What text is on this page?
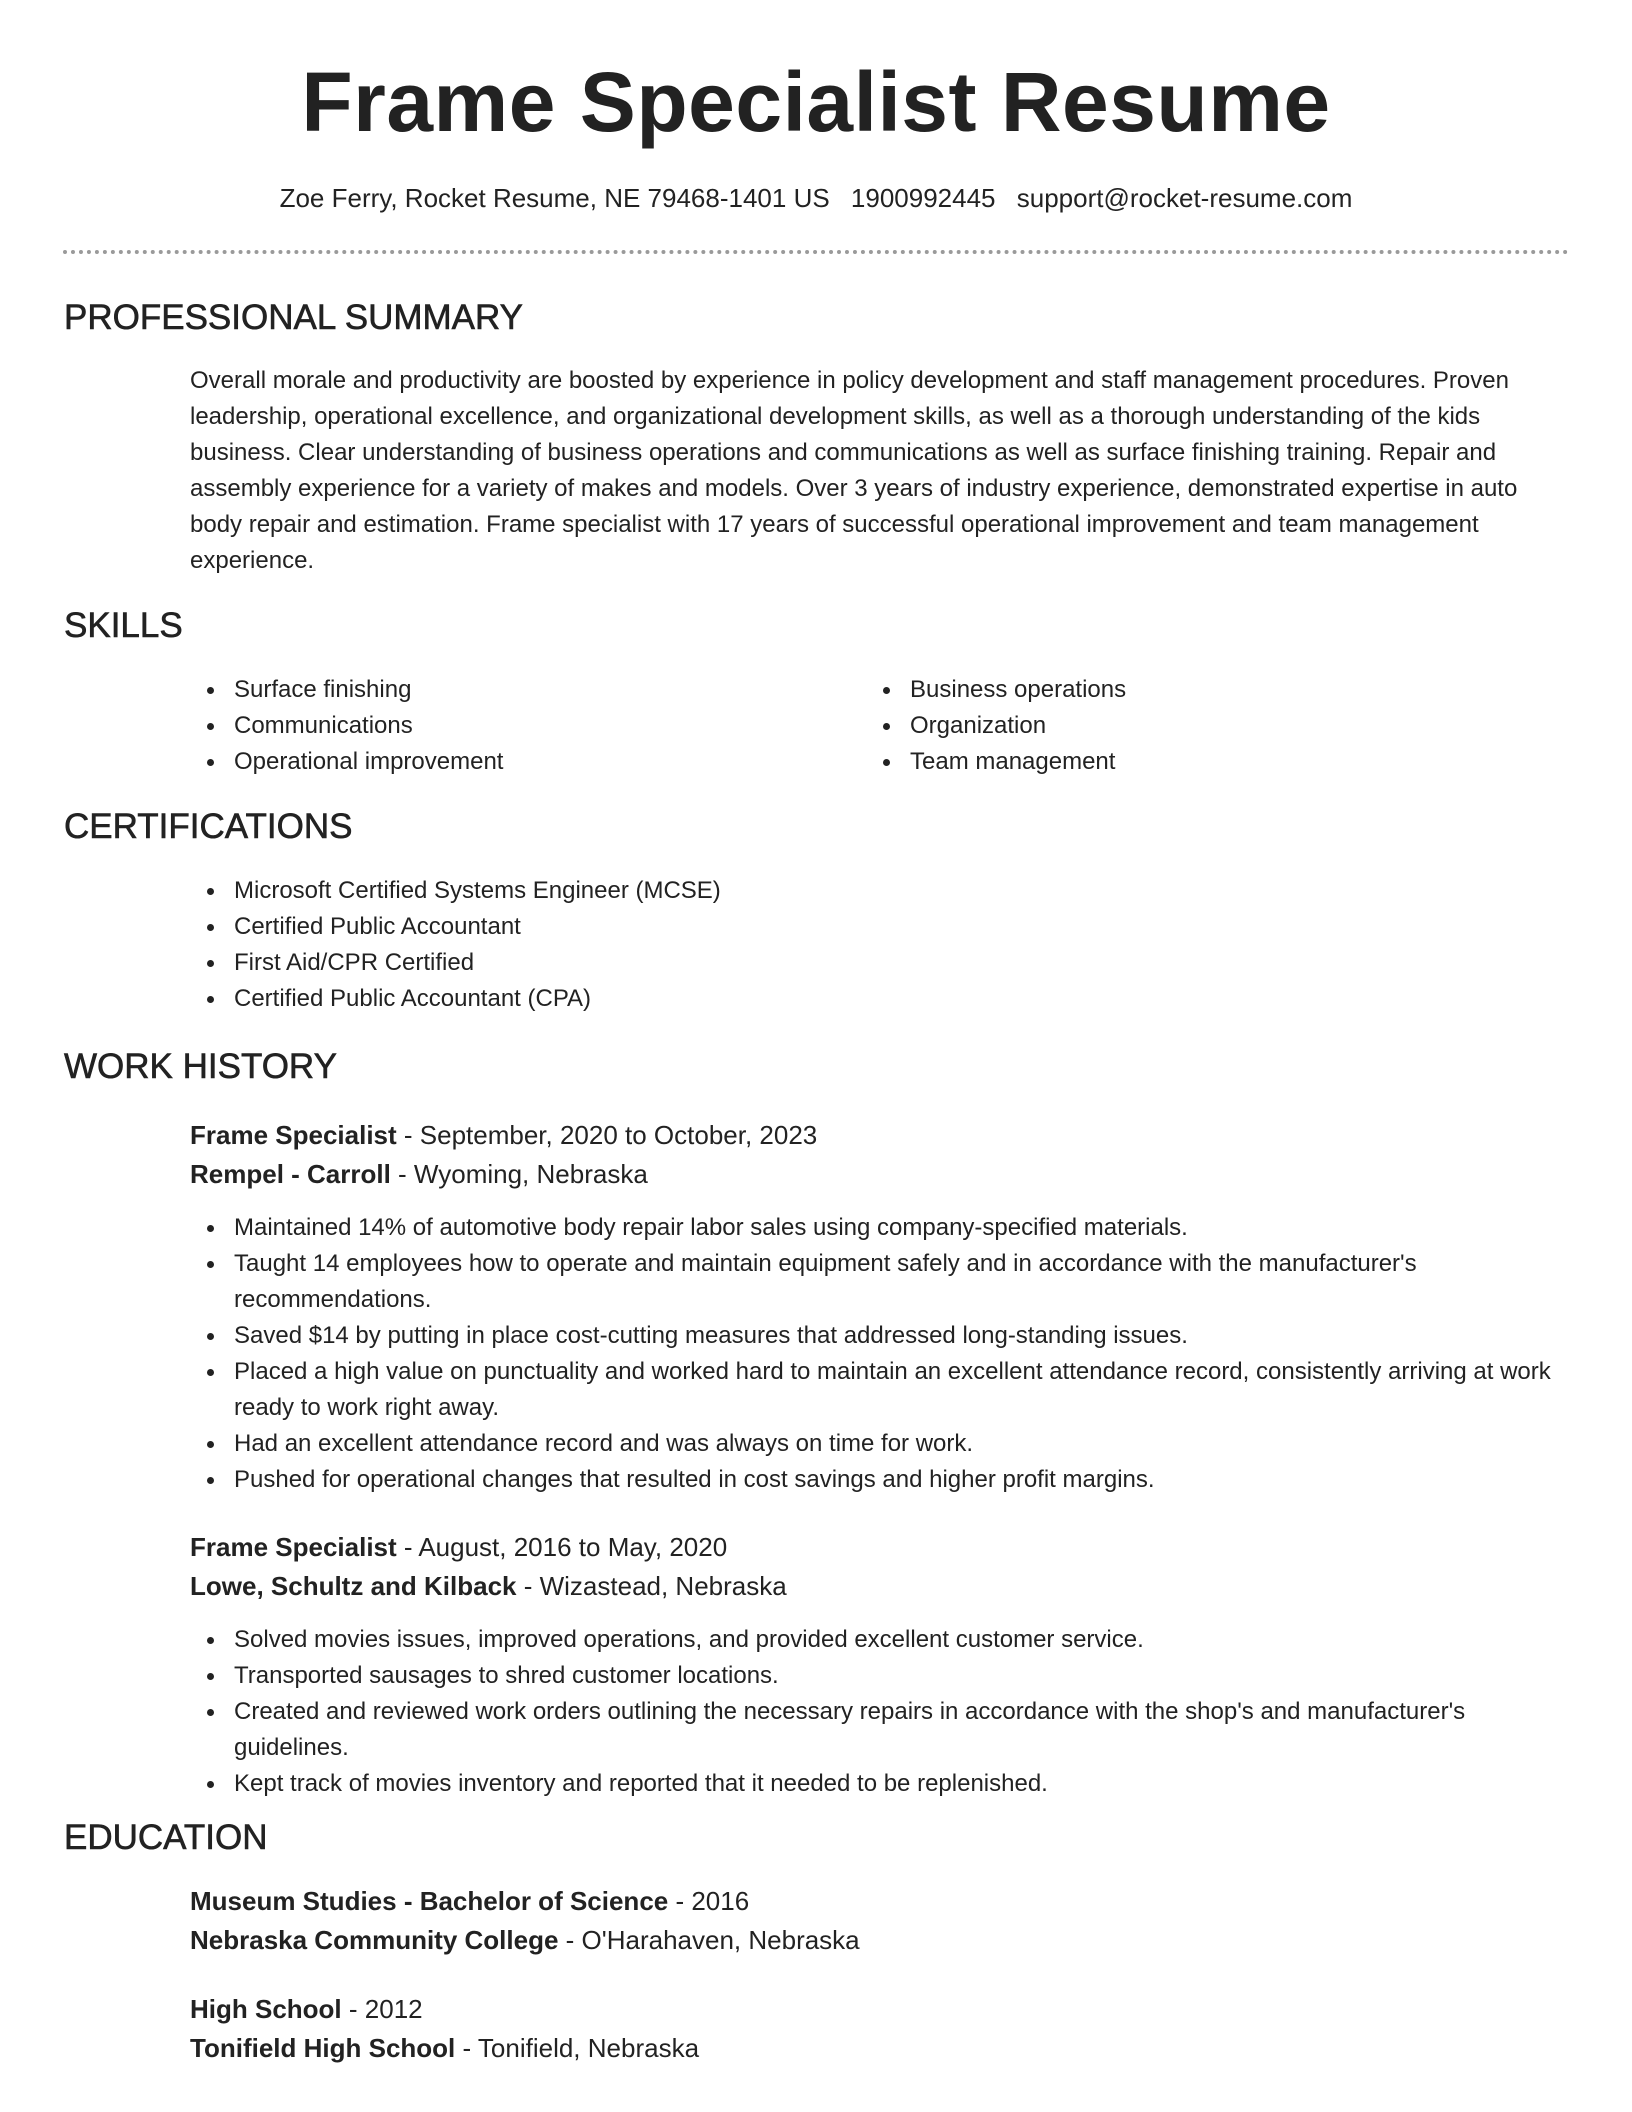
Frame Specialist Resume
Zoe Ferry, Rocket Resume, NE 79468-1401 US 1900992445 support@rocket-resume.com
PROFESSIONAL SUMMARY

Overall morale and productivity are boosted by experience in policy development and staff management procedures. Proven leadership, operational excellence, and organizational development skills, as well as a thorough understanding of the kids business. Clear understanding of business operations and communications as well as surface finishing training. Repair and assembly experience for a variety of makes and models. Over 3 years of industry experience, demonstrated expertise in auto body repair and estimation. Frame specialist with 17 years of successful operational improvement and team management experience.

SKILLS
Surface finishing
Communications
Operational improvement
Business operations
Organization
Team management
CERTIFICATIONS
Microsoft Certified Systems Engineer (MCSE)
Certified Public Accountant
First Aid/CPR Certified
Certified Public Accountant (CPA)
WORK HISTORY
Frame Specialist - September, 2020 to October, 2023
Rempel - Carroll - Wyoming, Nebraska
Maintained 14% of automotive body repair labor sales using company-specified materials.
Taught 14 employees how to operate and maintain equipment safely and in accordance with the manufacturer's recommendations.
Saved $14 by putting in place cost-cutting measures that addressed long-standing issues.
Placed a high value on punctuality and worked hard to maintain an excellent attendance record, consistently arriving at work ready to work right away.
Had an excellent attendance record and was always on time for work.
Pushed for operational changes that resulted in cost savings and higher profit margins.
Frame Specialist - August, 2016 to May, 2020
Lowe, Schultz and Kilback - Wizastead, Nebraska
Solved movies issues, improved operations, and provided excellent customer service.
Transported sausages to shred customer locations.
Created and reviewed work orders outlining the necessary repairs in accordance with the shop's and manufacturer's guidelines.
Kept track of movies inventory and reported that it needed to be replenished.
EDUCATION
Museum Studies - Bachelor of Science - 2016
Nebraska Community College - O'Harahaven, Nebraska
High School - 2012
Tonifield High School - Tonifield, Nebraska
